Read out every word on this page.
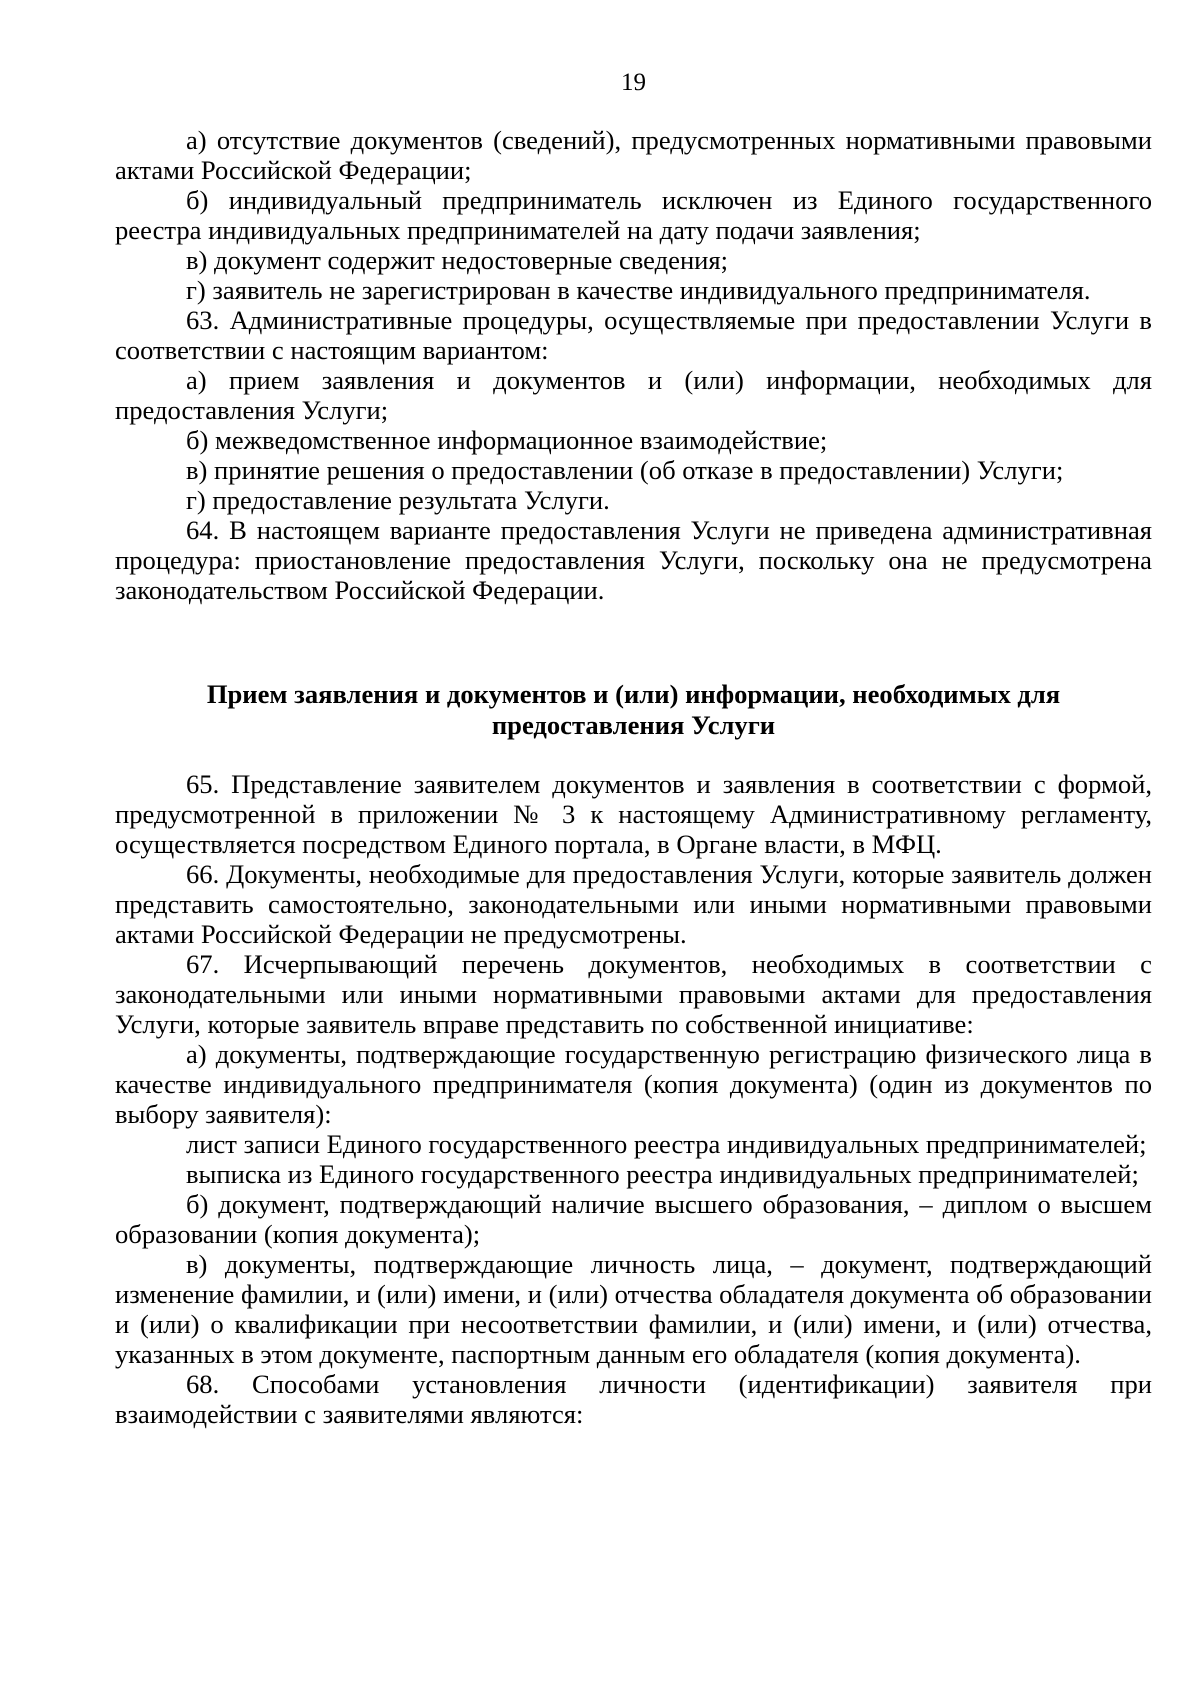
19

а) отсутствие документов (сведений), предусмотренных нормативными правовыми актами Российской Федерации;

б) индивидуальный предприниматель исключен из Единого государственного реестра индивидуальных предпринимателей на дату подачи заявления;

в) документ содержит недостоверные сведения;

г) заявитель не зарегистрирован в качестве индивидуального предпринимателя.

63. Административные процедуры, осуществляемые при предоставлении Услуги в соответствии с настоящим вариантом:

а) прием заявления и документов и (или) информации, необходимых для предоставления Услуги;

б) межведомственное информационное взаимодействие;

в) принятие решения о предоставлении (об отказе в предоставлении) Услуги;

г) предоставление результата Услуги.

64. В настоящем варианте предоставления Услуги не приведена административная процедура: приостановление предоставления Услуги, поскольку она не предусмотрена законодательством Российской Федерации.

Прием заявления и документов и (или) информации, необходимых для предоставления Услуги

65. Представление заявителем документов и заявления в соответствии с формой, предусмотренной в приложении № 3 к настоящему Административному регламенту, осуществляется посредством Единого портала, в Органе власти, в МФЦ.

66. Документы, необходимые для предоставления Услуги, которые заявитель должен представить самостоятельно, законодательными или иными нормативными правовыми актами Российской Федерации не предусмотрены.

67. Исчерпывающий перечень документов, необходимых в соответствии с законодательными или иными нормативными правовыми актами для предоставления Услуги, которые заявитель вправе представить по собственной инициативе:

а) документы, подтверждающие государственную регистрацию физического лица в качестве индивидуального предпринимателя (копия документа) (один из документов по выбору заявителя):

лист записи Единого государственного реестра индивидуальных предпринимателей;

выписка из Единого государственного реестра индивидуальных предпринимателей;

б) документ, подтверждающий наличие высшего образования, – диплом о высшем образовании (копия документа);

в) документы, подтверждающие личность лица, – документ, подтверждающий изменение фамилии, и (или) имени, и (или) отчества обладателя документа об образовании и (или) о квалификации при несоответствии фамилии, и (или) имени, и (или) отчества, указанных в этом документе, паспортным данным его обладателя (копия документа).

68. Способами установления личности (идентификации) заявителя при взаимодействии с заявителями являются:
